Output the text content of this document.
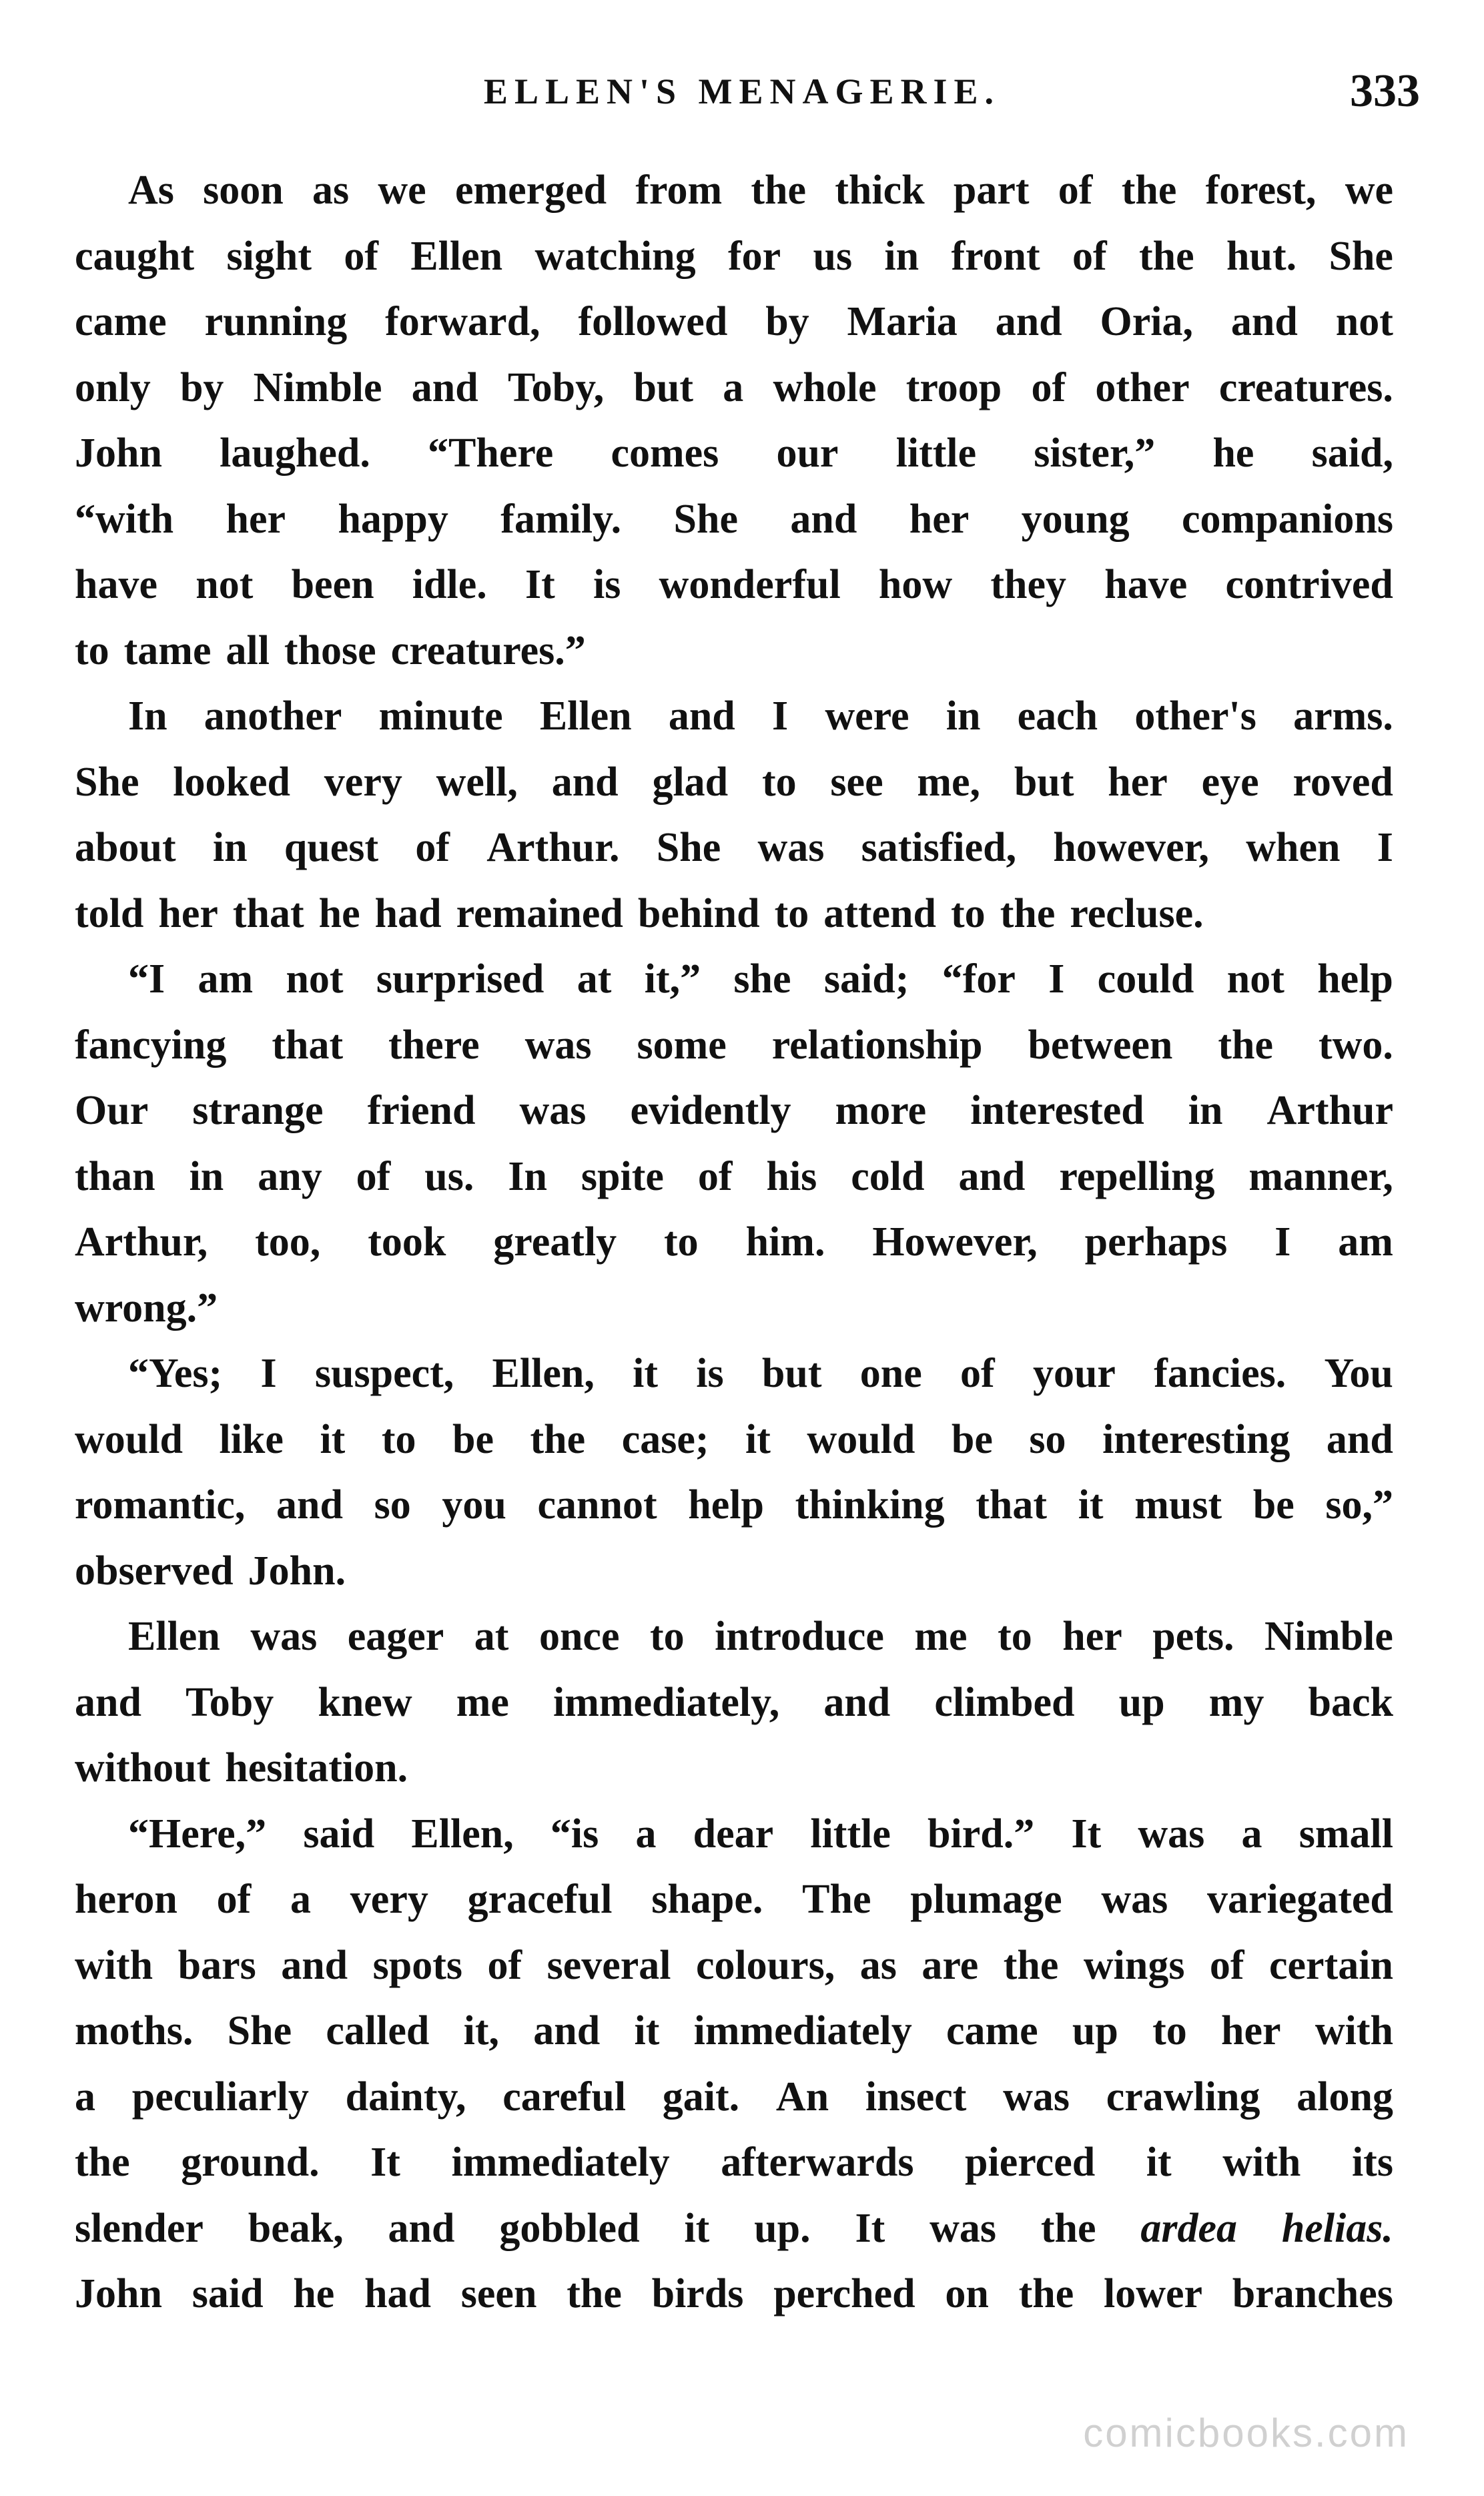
ELLEN'S MENAGERIE.	333
As soon as we emerged from the thick part of the forest, we
caught sight of Ellen watching for us in front of the hut. She
came running forward, followed by Maria and Oria, and not
only by Nimble and Toby, but a whole troop of other creatures.
John laughed. “There comes our little sister,” he said,
“with her happy family. She and her young companions
have not been idle. It is wonderful how they have contrived
to tame all those creatures.”
In another minute Ellen and I were in each other's arms.
She looked very well, and glad to see me, but her eye roved
about in quest of Arthur. She was satisfied, however, when I
told her that he had remained behind to attend to the recluse.
“I am not surprised at it,” she said; “for I could not help
fancying that there was some relationship between the two.
Our strange friend was evidently more interested in Arthur
than in any of us. In spite of his cold and repelling manner,
Arthur, too, took greatly to him. However, perhaps I am
wrong.”
“Yes; I suspect, Ellen, it is but one of your fancies. You
would like it to be the case; it would be so interesting and
romantic, and so you cannot help thinking that it must be so,”
observed John.
Ellen was eager at once to introduce me to her pets. Nimble
and Toby knew me immediately, and climbed up my back
without hesitation.
“Here,” said Ellen, “is a dear little bird.” It was a small
heron of a very graceful shape. The plumage was variegated
with bars and spots of several colours, as are the wings of certain
moths. She called it, and it immediately came up to her with
a peculiarly dainty, careful gait. An insect was crawling along
the ground. It immediately afterwards pierced it with its
slender beak, and gobbled it up. It was the ardea helias.
John said he had seen the birds perched on the lower branches
comicbooks.com
